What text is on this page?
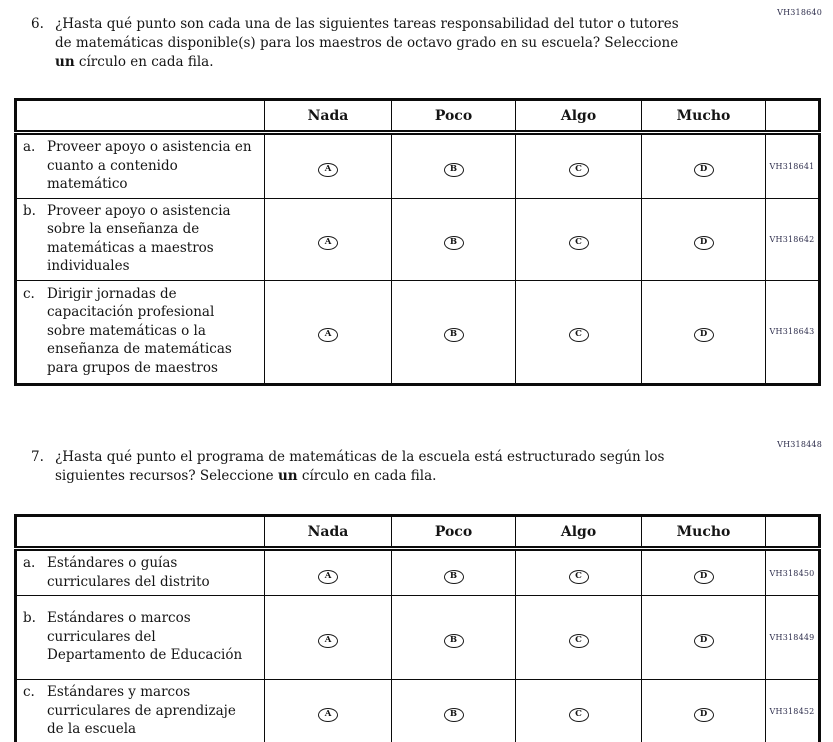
VH318640
6. ¿Hasta qué punto son cada una de las siguientes tareas responsabilidad del tutor o tutores de matemáticas disponible(s) para los maestros de octavo grado en su escuela? Seleccione un círculo en cada fila.
	Nada	Poco	Algo	Mucho	
a. Proveer apoyo o asistencia en cuanto a contenido matemático	A	B	C	D	VH318641
b. Proveer apoyo o asistencia sobre la enseñanza de matemáticas a maestros individuales	A	B	C	D	VH318642
c. Dirigir jornadas de capacitación profesional sobre matemáticas o la enseñanza de matemáticas para grupos de maestros	A	B	C	D	VH318643
VH318448
7. ¿Hasta qué punto el programa de matemáticas de la escuela está estructurado según los siguientes recursos? Seleccione un círculo en cada fila.
	Nada	Poco	Algo	Mucho	
a. Estándares o guías curriculares del distrito	A	B	C	D	VH318450
b. Estándares o marcos curriculares del Departamento de Educación	A	B	C	D	VH318449
c. Estándares y marcos curriculares de aprendizaje de la escuela	A	B	C	D	VH318452
